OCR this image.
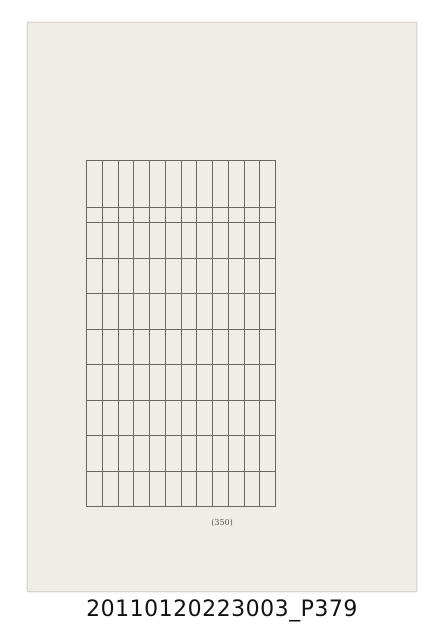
(350)
20110120223003_P379
